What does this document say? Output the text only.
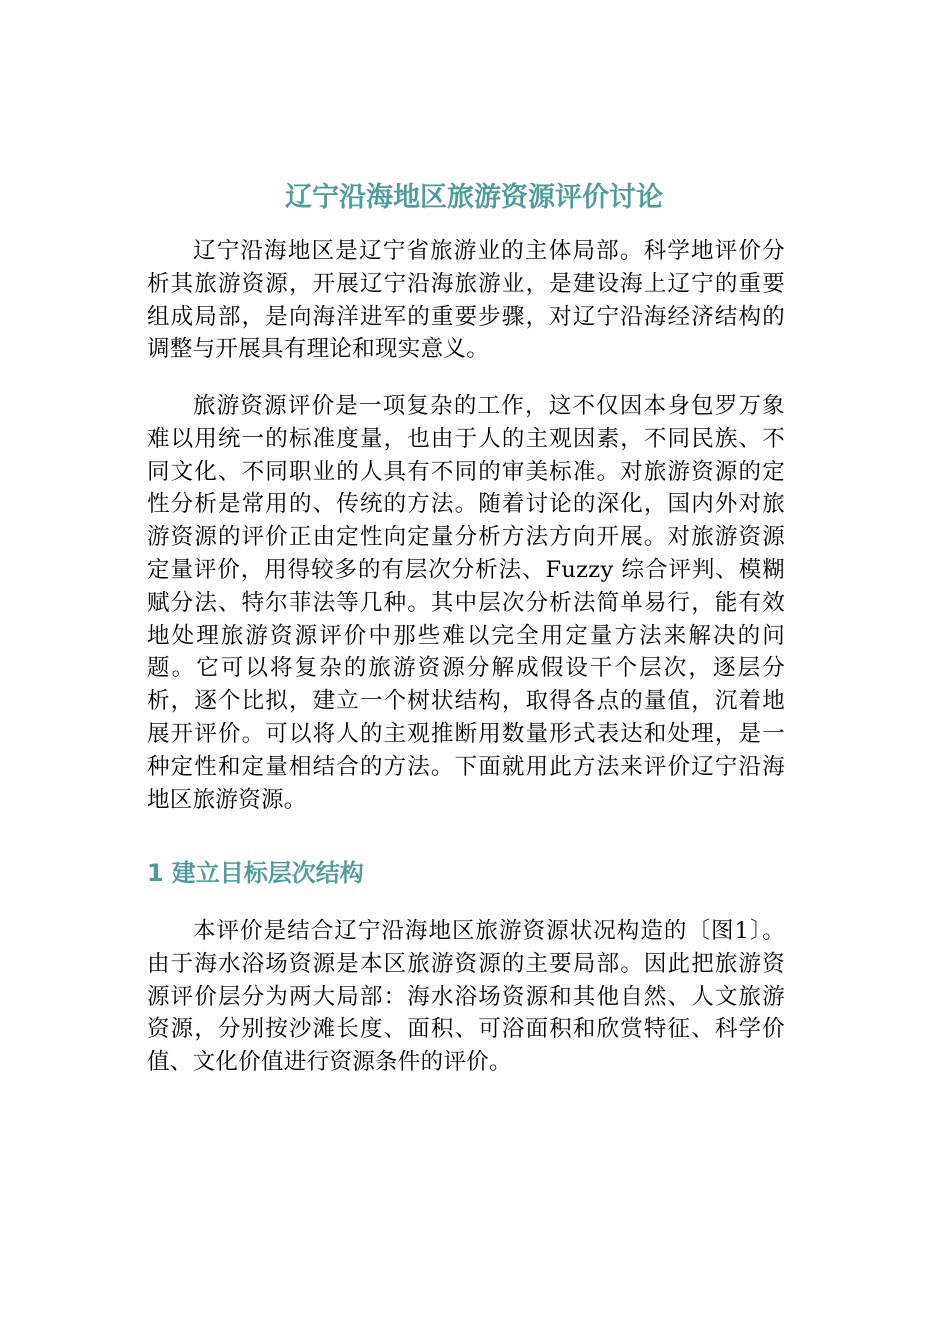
辽宁沿海地区旅游资源评价讨论

辽宁沿海地区是辽宁省旅游业的主体局部。科学地评价分析其旅游资源，开展辽宁沿海旅游业，是建设海上辽宁的重要组成局部，是向海洋进军的重要步骤，对辽宁沿海经济结构的调整与开展具有理论和现实意义。

旅游资源评价是一项复杂的工作，这不仅因本身包罗万象难以用统一的标准度量，也由于人的主观因素，不同民族、不同文化、不同职业的人具有不同的审美标准。对旅游资源的定性分析是常用的、传统的方法。随着讨论的深化，国内外对旅游资源的评价正由定性向定量分析方法方向开展。对旅游资源定量评价，用得较多的有层次分析法、Fuzzy 综合评判、模糊赋分法、特尔菲法等几种。其中层次分析法简单易行，能有效地处理旅游资源评价中那些难以完全用定量方法来解决的问题。它可以将复杂的旅游资源分解成假设干个层次，逐层分析，逐个比拟，建立一个树状结构，取得各点的量值，沉着地展开评价。可以将人的主观推断用数量形式表达和处理，是一种定性和定量相结合的方法。下面就用此方法来评价辽宁沿海地区旅游资源。

1 建立目标层次结构

本评价是结合辽宁沿海地区旅游资源状况构造的〔图1〕。由于海水浴场资源是本区旅游资源的主要局部。因此把旅游资源评价层分为两大局部：海水浴场资源和其他自然、人文旅游资源，分别按沙滩长度、面积、可浴面积和欣赏特征、科学价值、文化价值进行资源条件的评价。
